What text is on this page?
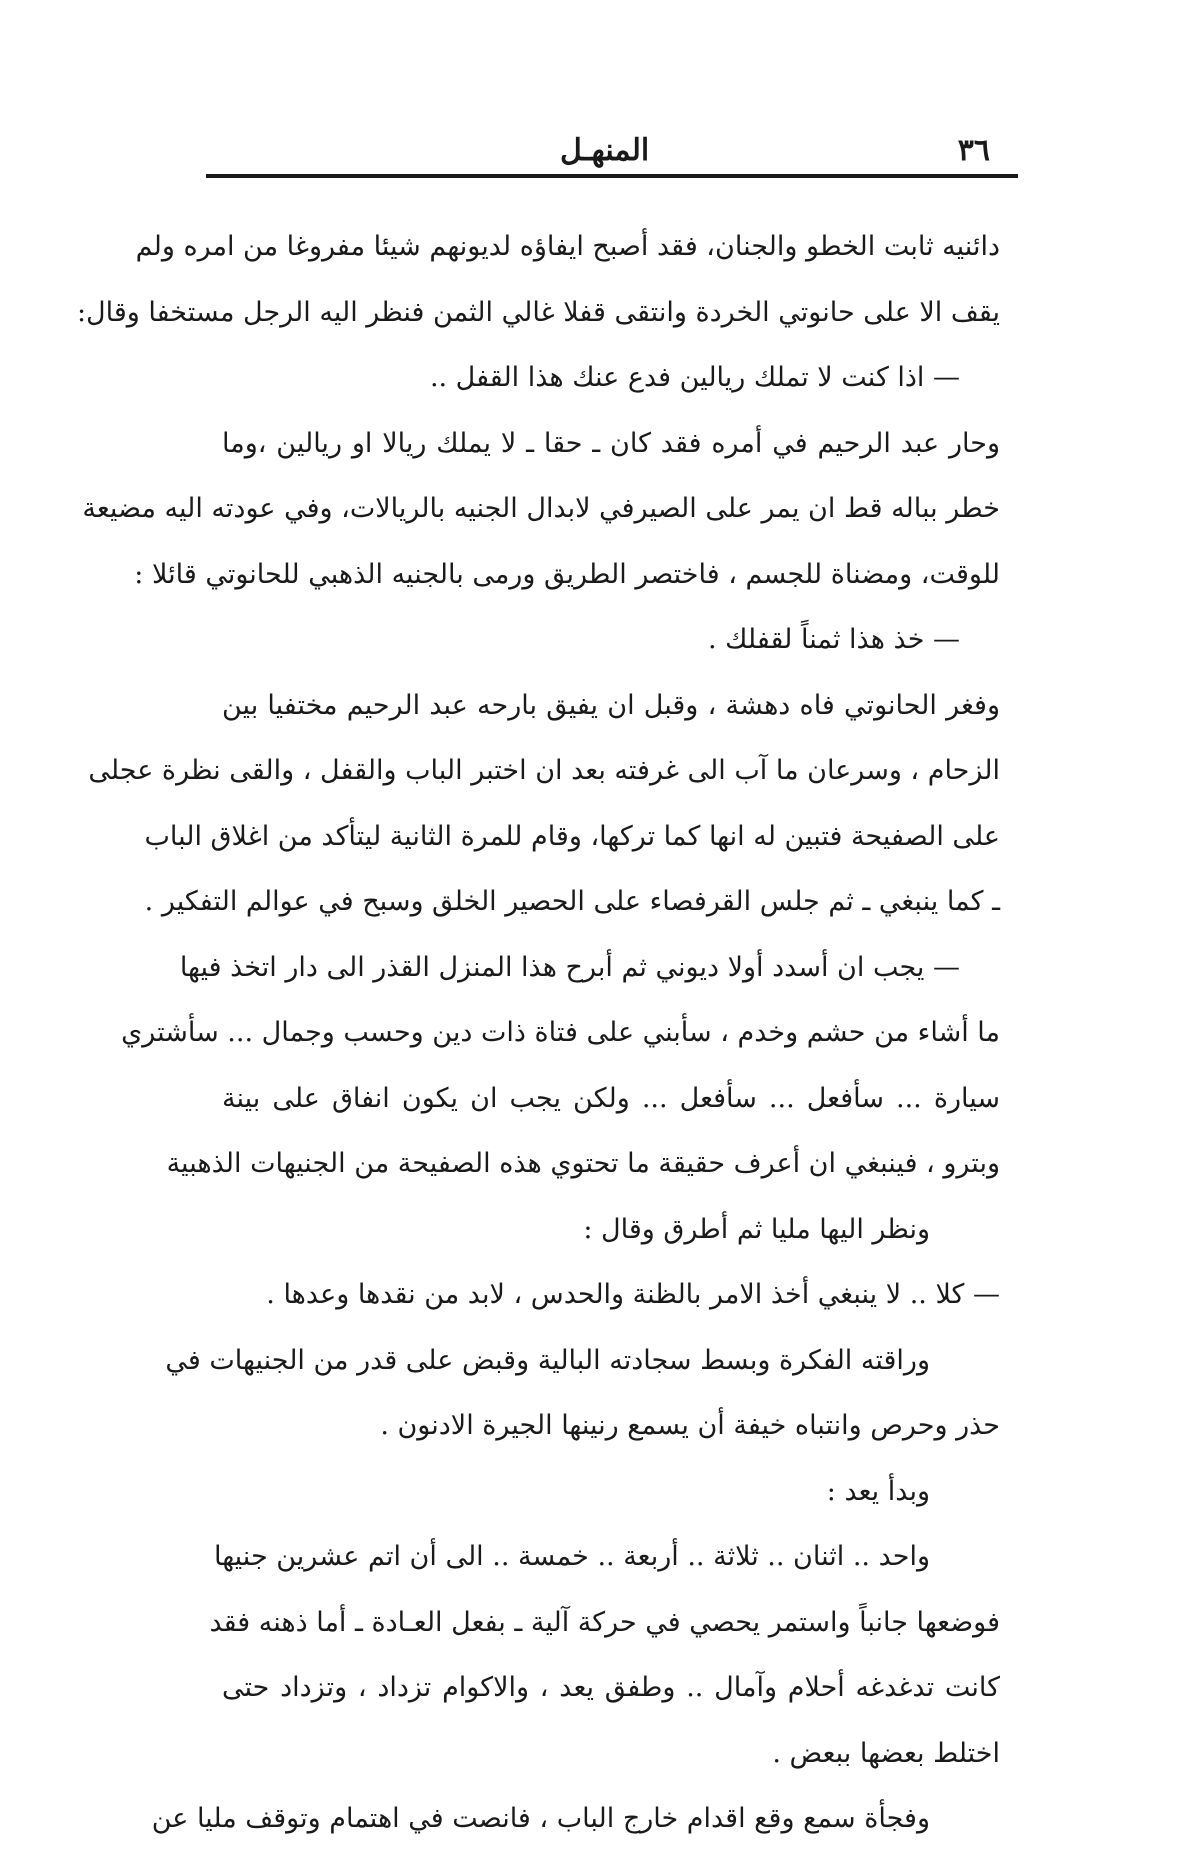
المنهـل	٣٦
دائنيه ثابت الخطو والجنان، فقد أصبح ايفاؤه لديونهم شيئا مفروغا من امره ولم
يقف الا على حانوتي الخردة وانتقى قفلا غالي الثمن فنظر اليه الرجل مستخفا وقال:
— اذا كنت لا تملك ريالين فدع عنك هذا القفل ..
وحار عبد الرحيم في أمره فقد كان ـ حقا ـ لا يملك ريالا او ريالين ،وما
خطر بباله قط ان يمر على الصيرفي لابدال الجنيه بالريالات، وفي عودته اليه مضيعة
للوقت، ومضناة للجسم ، فاختصر الطريق ورمى بالجنيه الذهبي للحانوتي قائلا :
— خذ هذا ثمناً لقفلك .
وفغر الحانوتي فاه دهشة ، وقبل ان يفيق بارحه عبد الرحيم مختفيا بين
الزحام ، وسرعان ما آب الى غرفته بعد ان اختبر الباب والقفل ، والقى نظرة عجلى
على الصفيحة فتبين له انها كما تركها، وقام للمرة الثانية ليتأكد من اغلاق الباب
ـ كما ينبغي ـ ثم جلس القرفصاء على الحصير الخلق وسبح في عوالم التفكير .
— يجب ان أسدد أولا ديوني ثم أبرح هذا المنزل القذر الى دار اتخذ فيها
ما أشاء من حشم وخدم ، سأبني على فتاة ذات دين وحسب وجمال ... سأشتري
سيارة ... سأفعل ... سأفعل ... ولكن يجب ان يكون انفاق على بينة
وبترو ، فينبغي ان أعرف حقيقة ما تحتوي هذه الصفيحة من الجنيهات الذهبية
ونظر اليها مليا ثم أطرق وقال :
— كلا .. لا ينبغي أخذ الامر بالظنة والحدس ، لابد من نقدها وعدها .
وراقته الفكرة وبسط سجادته البالية وقبض على قدر من الجنيهات في
حذر وحرص وانتباه خيفة أن يسمع رنينها الجيرة الادنون .
وبدأ يعد :
واحد .. اثنان .. ثلاثة .. أربعة .. خمسة .. الى أن اتم عشرين جنيها
فوضعها جانباً واستمر يحصي في حركة آلية ـ بفعل العـادة ـ أما ذهنه فقد
كانت تدغدغه أحلام وآمال .. وطفق يعد ، والاكوام تزداد ، وتزداد حتى
اختلط بعضها ببعض .
وفجأة سمع وقع اقدام خارج الباب ، فانصت في اهتمام وتوقف مليا عن
